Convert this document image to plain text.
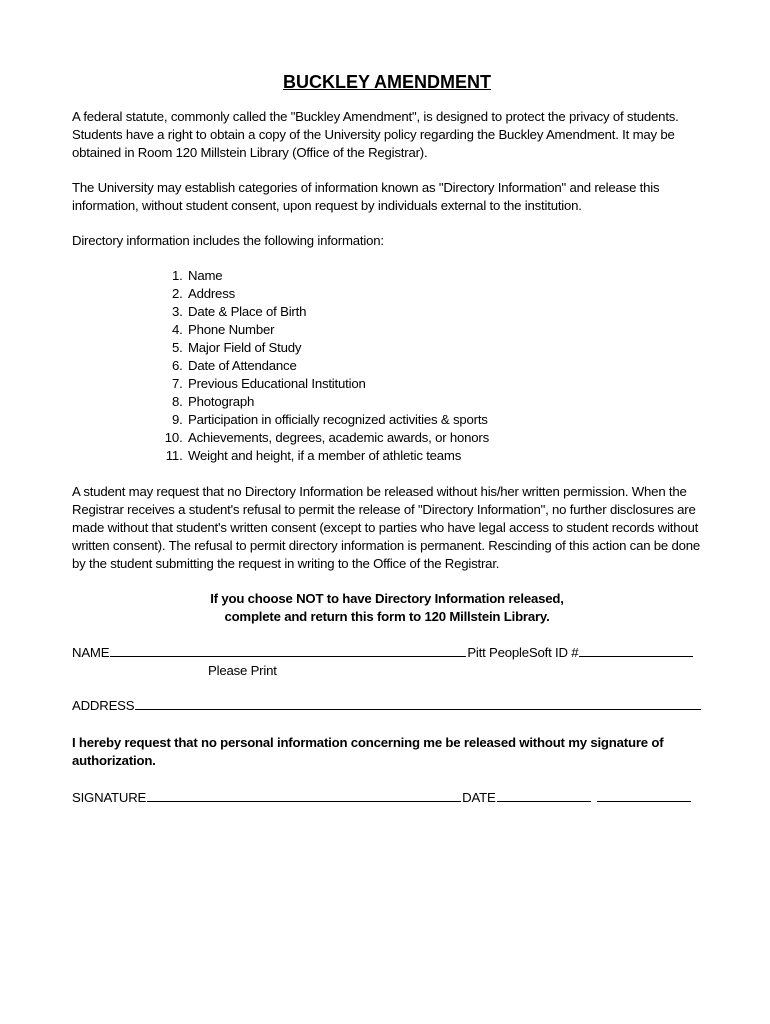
BUCKLEY AMENDMENT

A federal statute, commonly called the "Buckley Amendment", is designed to protect the privacy of students.
Students have a right to obtain a copy of the University policy regarding the Buckley Amendment. It may be
obtained in Room 120 Millstein Library (Office of the Registrar).

The University may establish categories of information known as "Directory Information" and release this
information, without student consent, upon request by individuals external to the institution.

Directory information includes the following information:

1. Name
2. Address
3. Date & Place of Birth
4. Phone Number
5. Major Field of Study
6. Date of Attendance
7. Previous Educational Institution
8. Photograph
9. Participation in officially recognized activities & sports
10. Achievements, degrees, academic awards, or honors
11. Weight and height, if a member of athletic teams

A student may request that no Directory Information be released without his/her written permission. When the
Registrar receives a student's refusal to permit the release of "Directory Information", no further disclosures are
made without that student's written consent (except to parties who have legal access to student records without
written consent). The refusal to permit directory information is permanent. Rescinding of this action can be done
by the student submitting the request in writing to the Office of the Registrar.

If you choose NOT to have Directory Information released,
complete and return this form to 120 Millstein Library.
NAME	Pitt PeopleSoft ID #
Please Print
ADDRESS
I hereby request that no personal information concerning me be released without my signature of
authorization.
SIGNATURE	DATE
